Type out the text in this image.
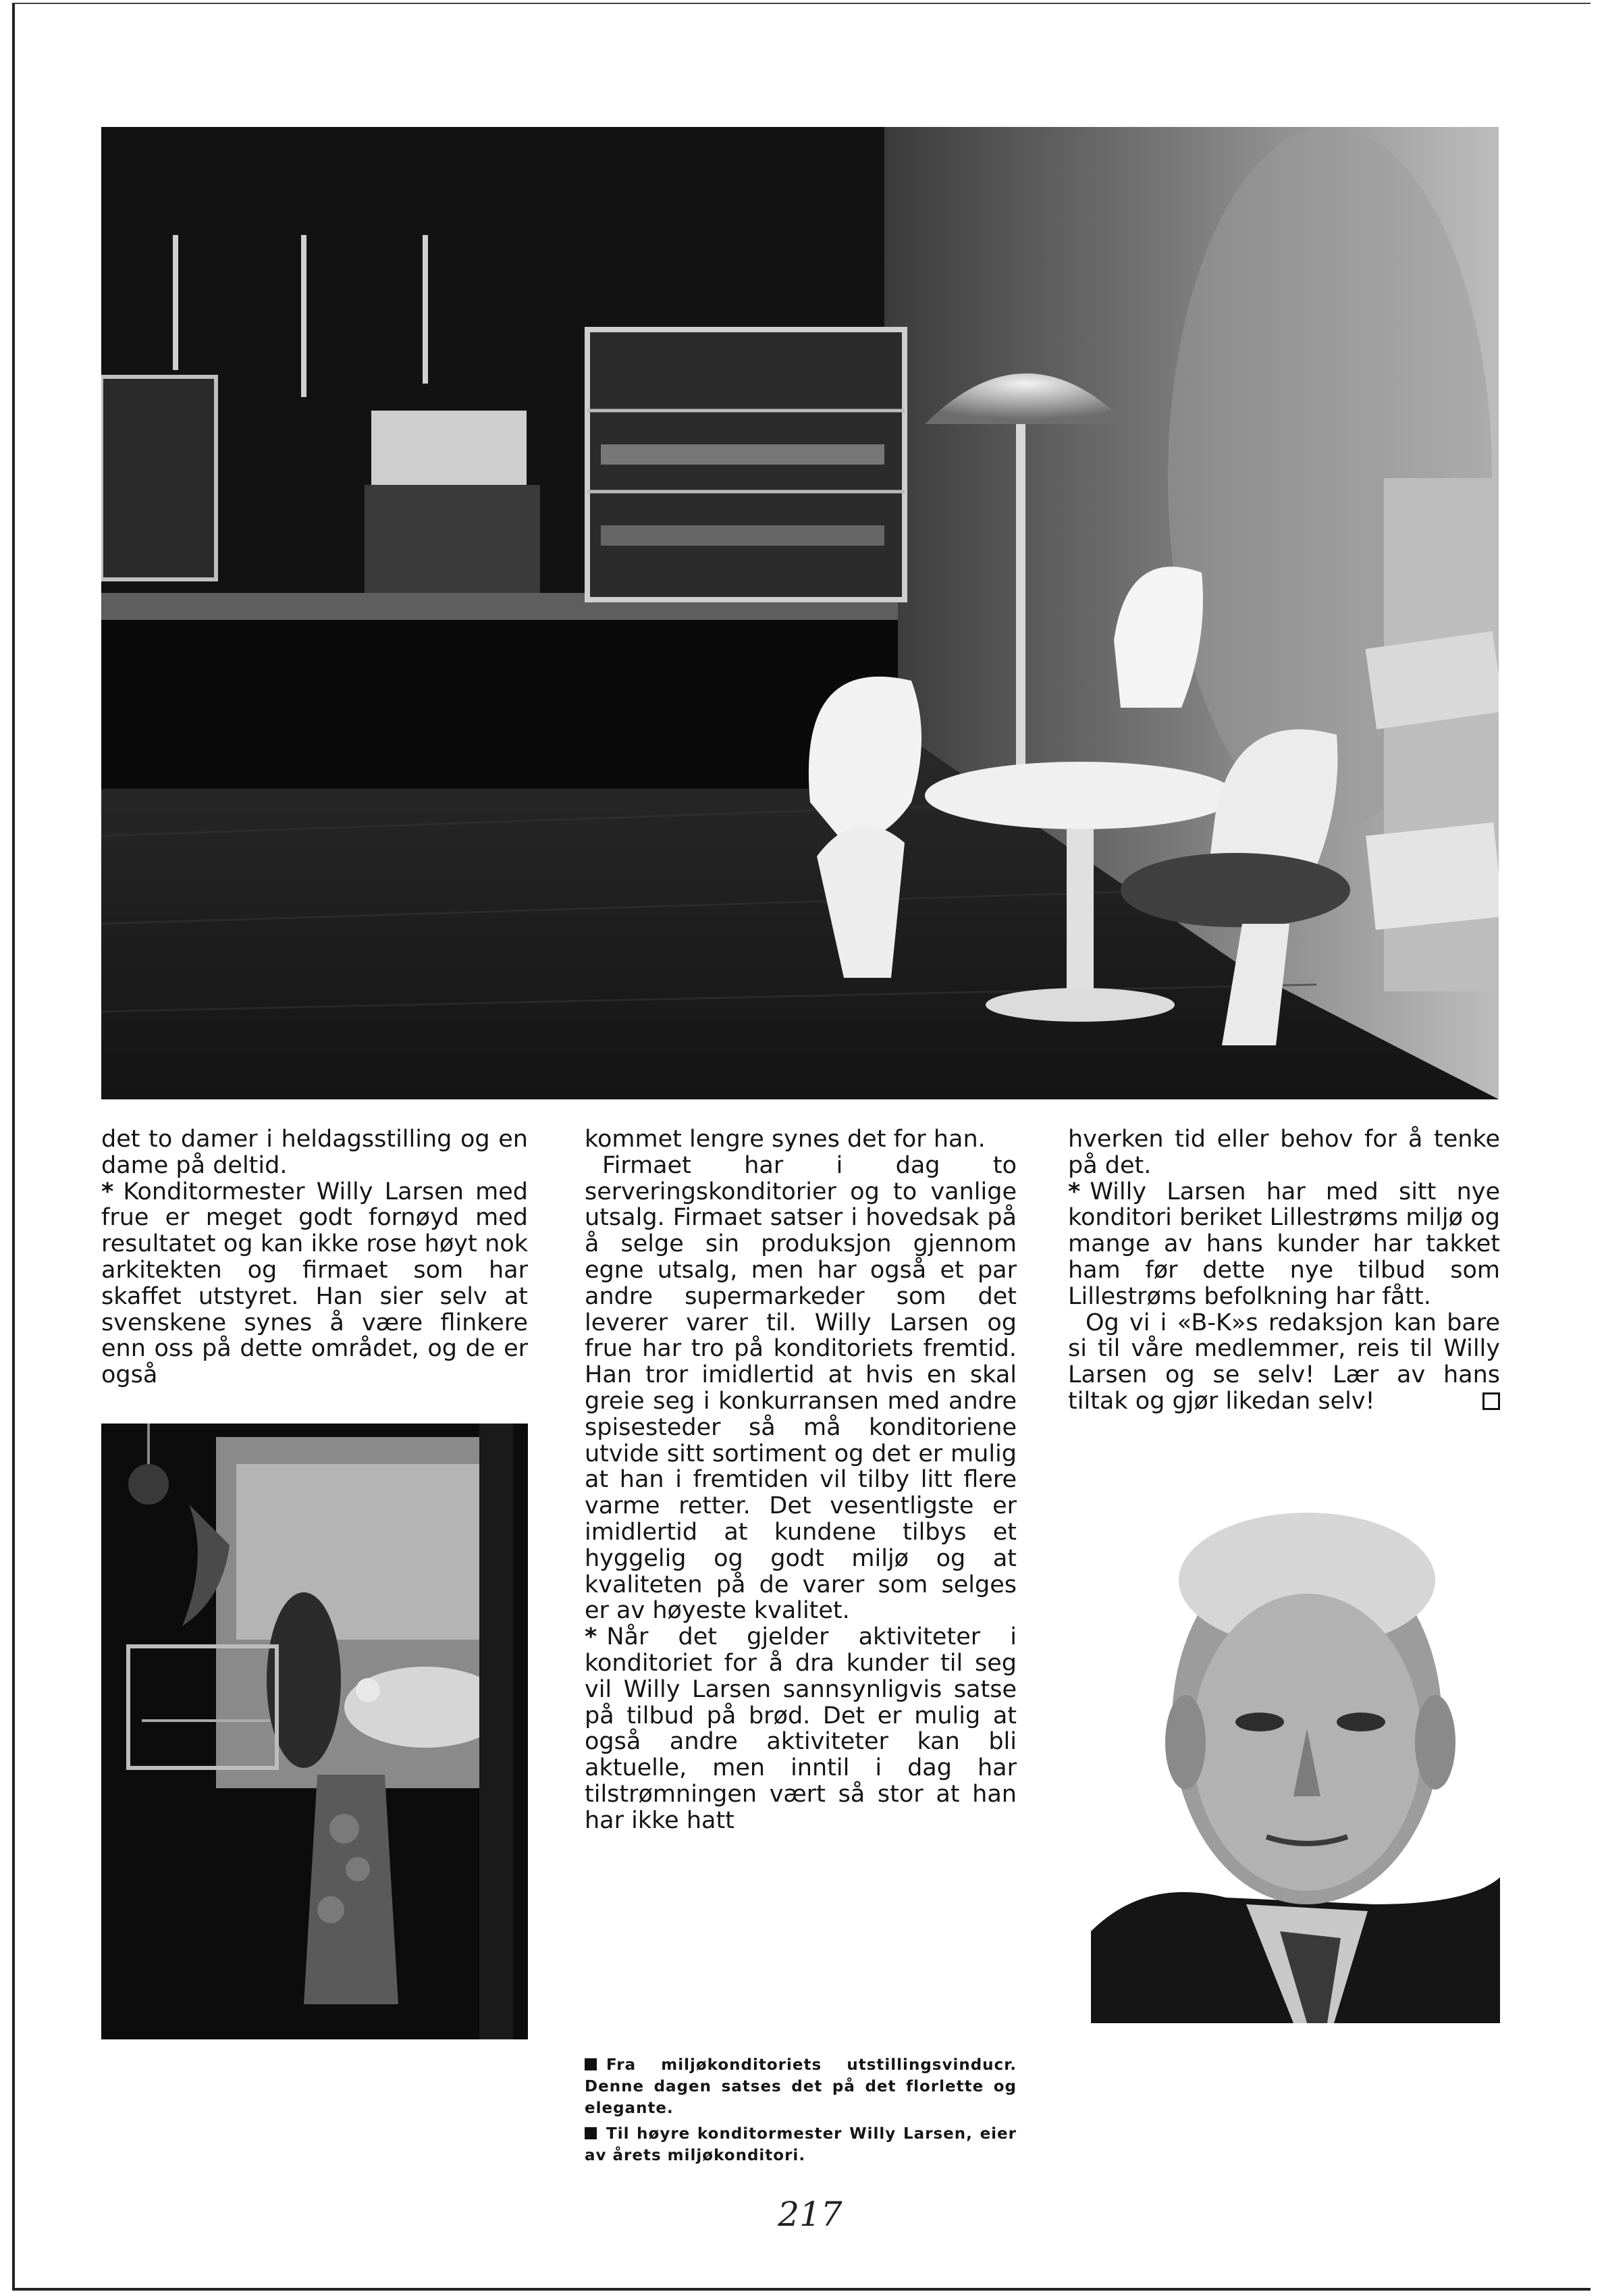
det to damer i heldagsstilling og en dame på deltid.

* Konditormester Willy Larsen med frue er meget godt fornøyd med resultatet og kan ikke rose høyt nok arkitekten og firmaet som har skaffet utstyret. Han sier selv at svenskene synes å være flinkere enn oss på dette området, og de er også

kommet lengre synes det for han.

Firmaet har i dag to serveringskonditorier og to vanlige utsalg. Firmaet satser i hovedsak på å selge sin produksjon gjennom egne utsalg, men har også et par andre supermarkeder som det leverer varer til. Willy Larsen og frue har tro på konditoriets fremtid. Han tror imidlertid at hvis en skal greie seg i konkurransen med andre spisesteder så må konditoriene utvide sitt sortiment og det er mulig at han i fremtiden vil tilby litt flere varme retter. Det vesentligste er imidlertid at kundene tilbys et hyggelig og godt miljø og at kvaliteten på de varer som selges er av høyeste kvalitet.

* Når det gjelder aktiviteter i konditoriet for å dra kunder til seg vil Willy Larsen sannsynligvis satse på tilbud på brød. Det er mulig at også andre aktiviteter kan bli aktuelle, men inntil i dag har tilstrømningen vært så stor at han har ikke hatt

hverken tid eller behov for å tenke på det.

* Willy Larsen har med sitt nye konditori beriket Lillestrøms miljø og mange av hans kunder har takket ham før dette nye tilbud som Lillestrøms befolkning har fått.

Og vi i «B-K»s redaksjon kan bare si til våre medlemmer, reis til Willy Larsen og se selv! Lær av hans tiltak og gjør likedan selv!

Fra miljøkonditoriets utstillingsvinducr. Denne dagen satses det på det florlette og elegante.
Til høyre konditormester Willy Larsen, eier av årets miljøkonditori.
217
